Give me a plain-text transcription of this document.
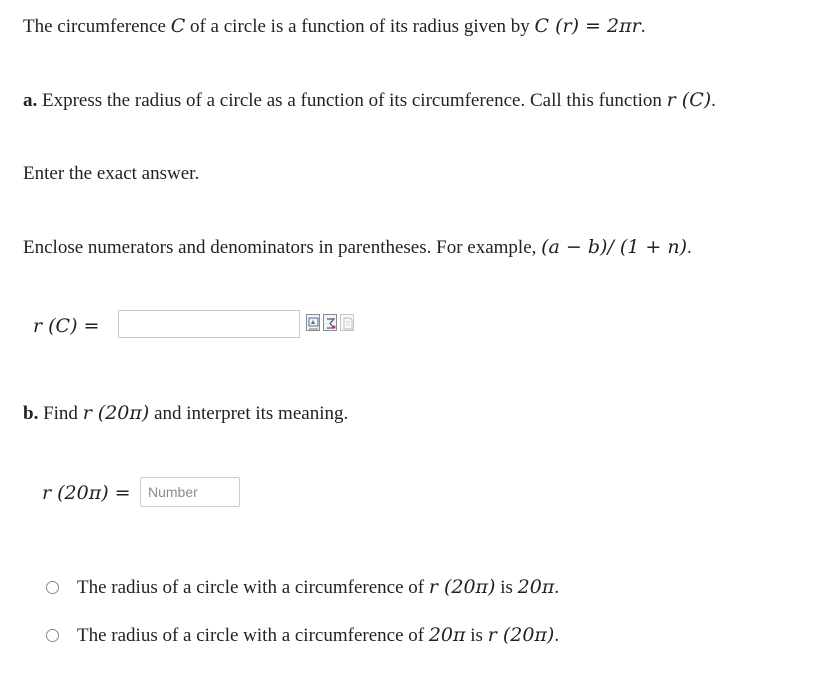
The circumference C of a circle is a function of its radius given by C (r) = 2πr.
a. Express the radius of a circle as a function of its circumference. Call this function r (C).
Enter the exact answer.
Enclose numerators and denominators in parentheses. For example, (a − b)/ (1 + n).
r (C) =
b. Find r (20π) and interpret its meaning.
r (20π) =
Number
The radius of a circle with a circumference of r (20π) is 20π.
The radius of a circle with a circumference of 20π is r (20π).
